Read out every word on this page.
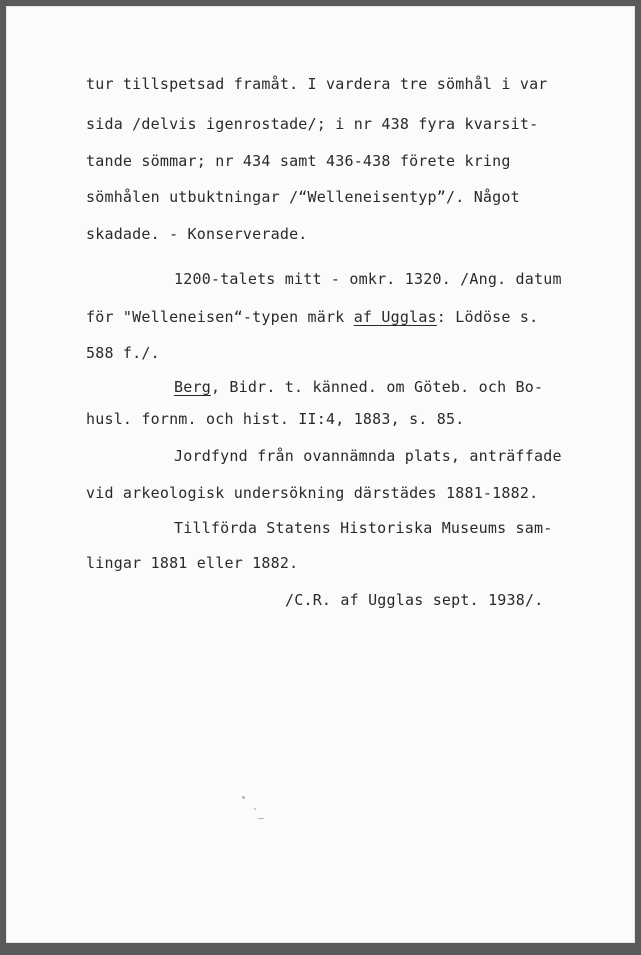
tur tillspetsad framåt. I vardera tre sömhål i var
sida /delvis igenrostade/; i nr 438 fyra kvarsit-
tande sömmar; nr 434 samt 436-438 förete kring
sömhålen utbuktningar /“Welleneisentyp”/. Något
skadade. - Konserverade.
1200-talets mitt - omkr. 1320. /Ang. datum
för "Welleneisen“-typen märk af Ugglas: Lödöse s.
588 f./.
Berg, Bidr. t. känned. om Göteb. och Bo-
husl. fornm. och hist. II:4, 1883, s. 85.
Jordfynd från ovannämnda plats, anträffade
vid arkeologisk undersökning därstädes 1881-1882.
Tillförda Statens Historiska Museums sam-
lingar 1881 eller 1882.
/C.R. af Ugglas sept. 1938/.
